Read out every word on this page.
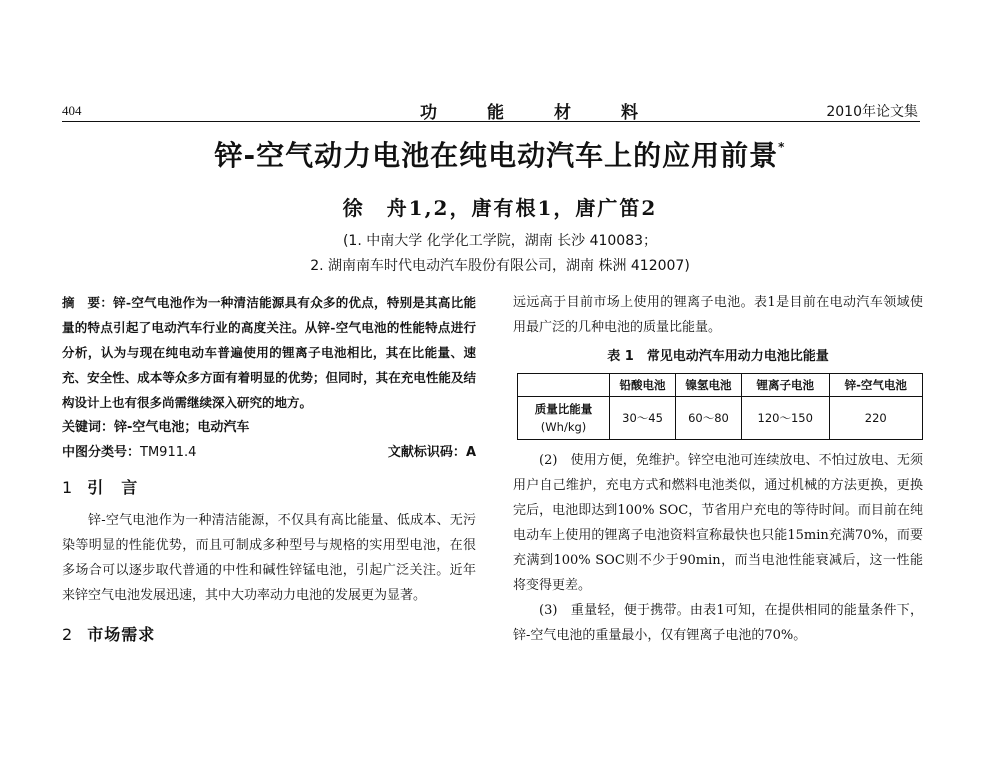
404	功能材料	2010年论文集
锌-空气动力电池在纯电动汽车上的应用前景*
徐　舟1,2，唐有根1，唐广笛2
(1. 中南大学 化学化工学院，湖南 长沙 410083；
2. 湖南南车时代电动汽车股份有限公司，湖南 株洲 412007)

摘　要：锌-空气电池作为一种清洁能源具有众多的优点，特别是其高比能量的特点引起了电动汽车行业的高度关注。从锌-空气电池的性能特点进行分析，认为与现在纯电动车普遍使用的锂离子电池相比，其在比能量、速充、安全性、成本等众多方面有着明显的优势；但同时，其在充电性能及结构设计上也有很多尚需继续深入研究的地方。

关键词：锌-空气电池；电动汽车

中图分类号：TM911.4	文献标识码：A
1 引　言

锌-空气电池作为一种清洁能源，不仅具有高比能量、低成本、无污染等明显的性能优势，而且可制成多种型号与规格的实用型电池，在很多场合可以逐步取代普通的中性和碱性锌锰电池，引起广泛关注。近年来锌空气电池发展迅速，其中大功率动力电池的发展更为显著。

2 市场需求

远远高于目前市场上使用的锂离子电池。表1是目前在电动汽车领域使用最广泛的几种电池的质量比能量。

表 1　常见电动汽车用动力电池比能量
	铅酸电池	镍氢电池	锂离子电池	锌-空气电池

质量比能量
(Wh/kg)	30～45	60～80	120～150	220

(2)　使用方便，免维护。锌空电池可连续放电、不怕过放电、无须用户自己维护，充电方式和燃料电池类似，通过机械的方法更换，更换完后，电池即达到100% SOC，节省用户充电的等待时间。而目前在纯电动车上使用的锂离子电池资料宣称最快也只能15min充满70%，而要充满到100% SOC则不少于90min，而当电池性能衰减后，这一性能将变得更差。

(3)　重量轻，便于携带。由表1可知，在提供相同的能量条件下，锌-空气电池的重量最小，仅有锂离子电池的70%。
